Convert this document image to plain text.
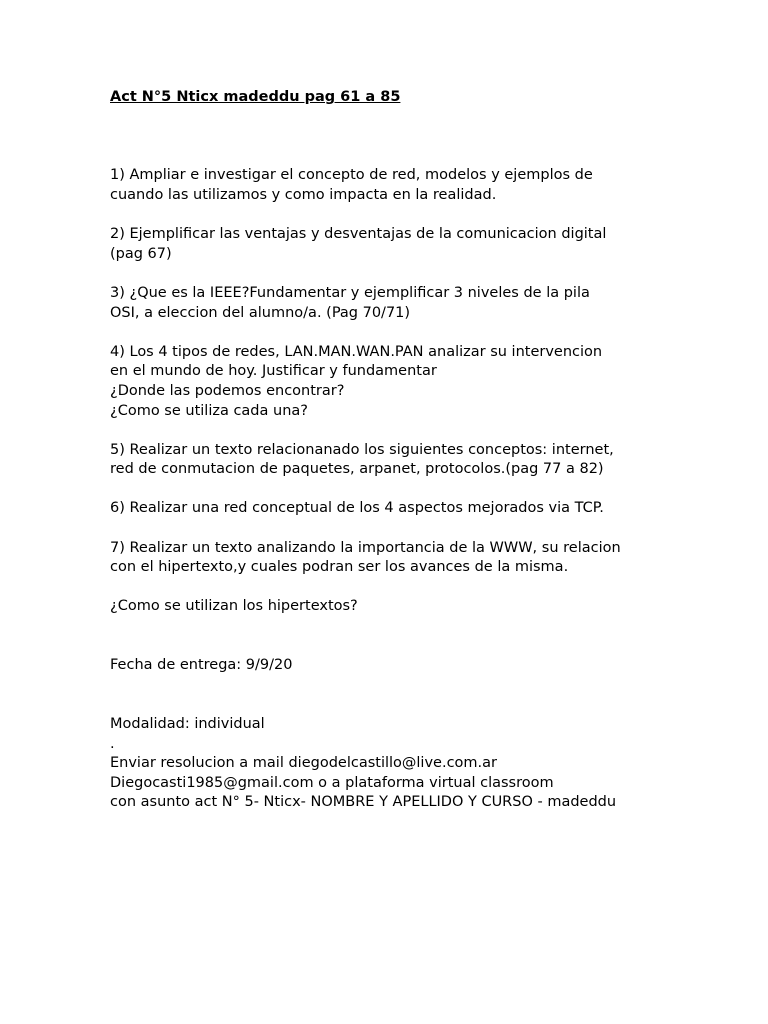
Act N°5 Nticx madeddu pag 61 a 85

1) Ampliar e investigar el concepto de red, modelos y ejemplos de
cuando las utilizamos y como impacta en la realidad.
2) Ejemplificar las ventajas y desventajas de la comunicacion digital
(pag 67)
3) ¿Que es la IEEE?Fundamentar y ejemplificar 3 niveles de la pila
OSI, a eleccion del alumno/a. (Pag 70/71)
4) Los 4 tipos de redes, LAN.MAN.WAN.PAN analizar su intervencion
en el mundo de hoy. Justificar y fundamentar
¿Donde las podemos encontrar?
¿Como se utiliza cada una?
5) Realizar un texto relacionanado los siguientes conceptos: internet,
red de conmutacion de paquetes, arpanet, protocolos.(pag 77 a 82)
6) Realizar una red conceptual de los 4 aspectos mejorados via TCP.
7) Realizar un texto analizando la importancia de la WWW, su relacion
con el hipertexto,y cuales podran ser los avances de la misma.
¿Como se utilizan los hipertextos?
Fecha de entrega: 9/9/20
Modalidad: individual
.
Enviar resolucion a mail diegodelcastillo@live.com.ar
Diegocasti1985@gmail.com o a plataforma virtual classroom
con asunto act N° 5- Nticx- NOMBRE Y APELLIDO Y CURSO - madeddu
